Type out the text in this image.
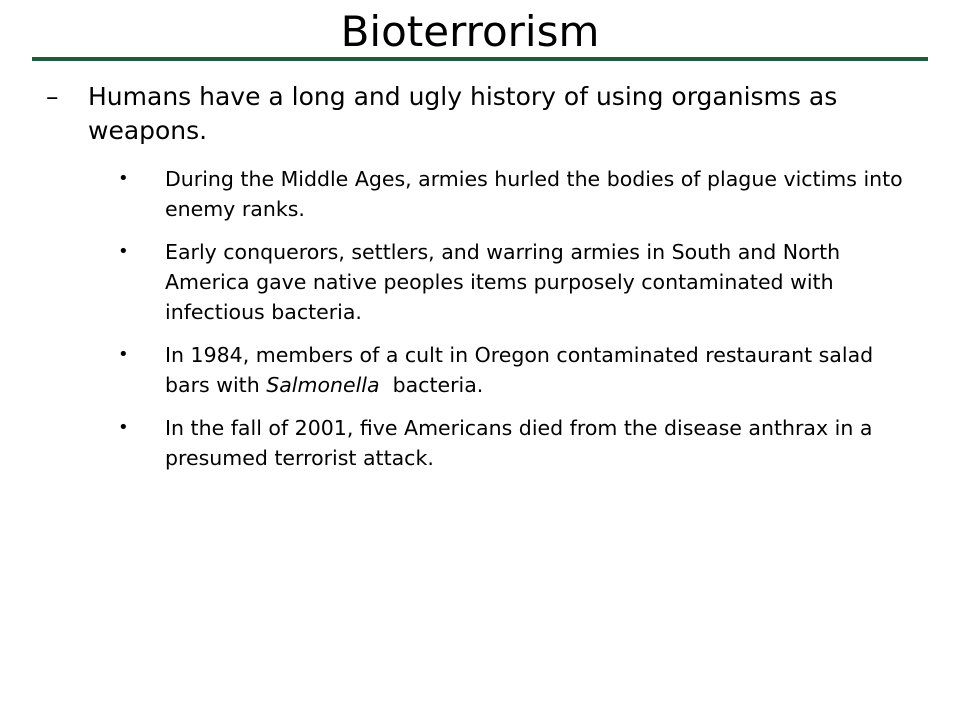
Bioterrorism
– Humans have a long and ugly history of using organisms as weapons.
• During the Middle Ages, armies hurled the bodies of plague victims into enemy ranks.
• Early conquerors, settlers, and warring armies in South and North America gave native peoples items purposely contaminated with infectious bacteria.
• In 1984, members of a cult in Oregon contaminated restaurant salad bars with Salmonella  bacteria.
• In the fall of 2001, five Americans died from the disease anthrax in a presumed terrorist attack.
